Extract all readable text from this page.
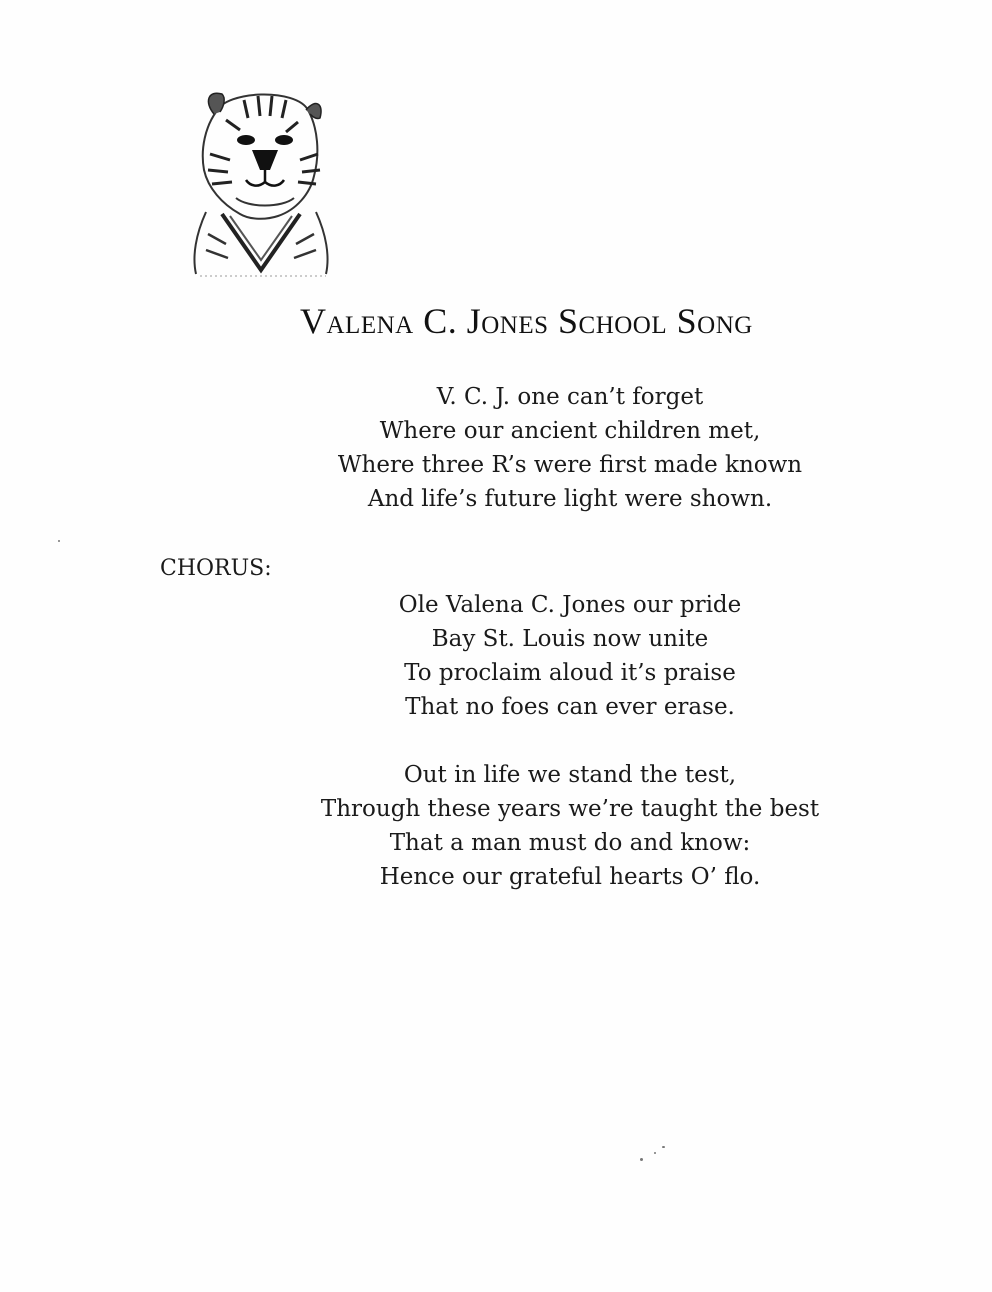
Valena C. Jones School Song
V. C. J. one can’t forget
Where our ancient children met,
Where three R’s were first made known
And life’s future light were shown.
CHORUS:
Ole Valena C. Jones our pride
Bay St. Louis now unite
To proclaim aloud it’s praise
That no foes can ever erase.
Out in life we stand the test,
Through these years we’re taught the best
That a man must do and know:
Hence our grateful hearts O’ flo.
